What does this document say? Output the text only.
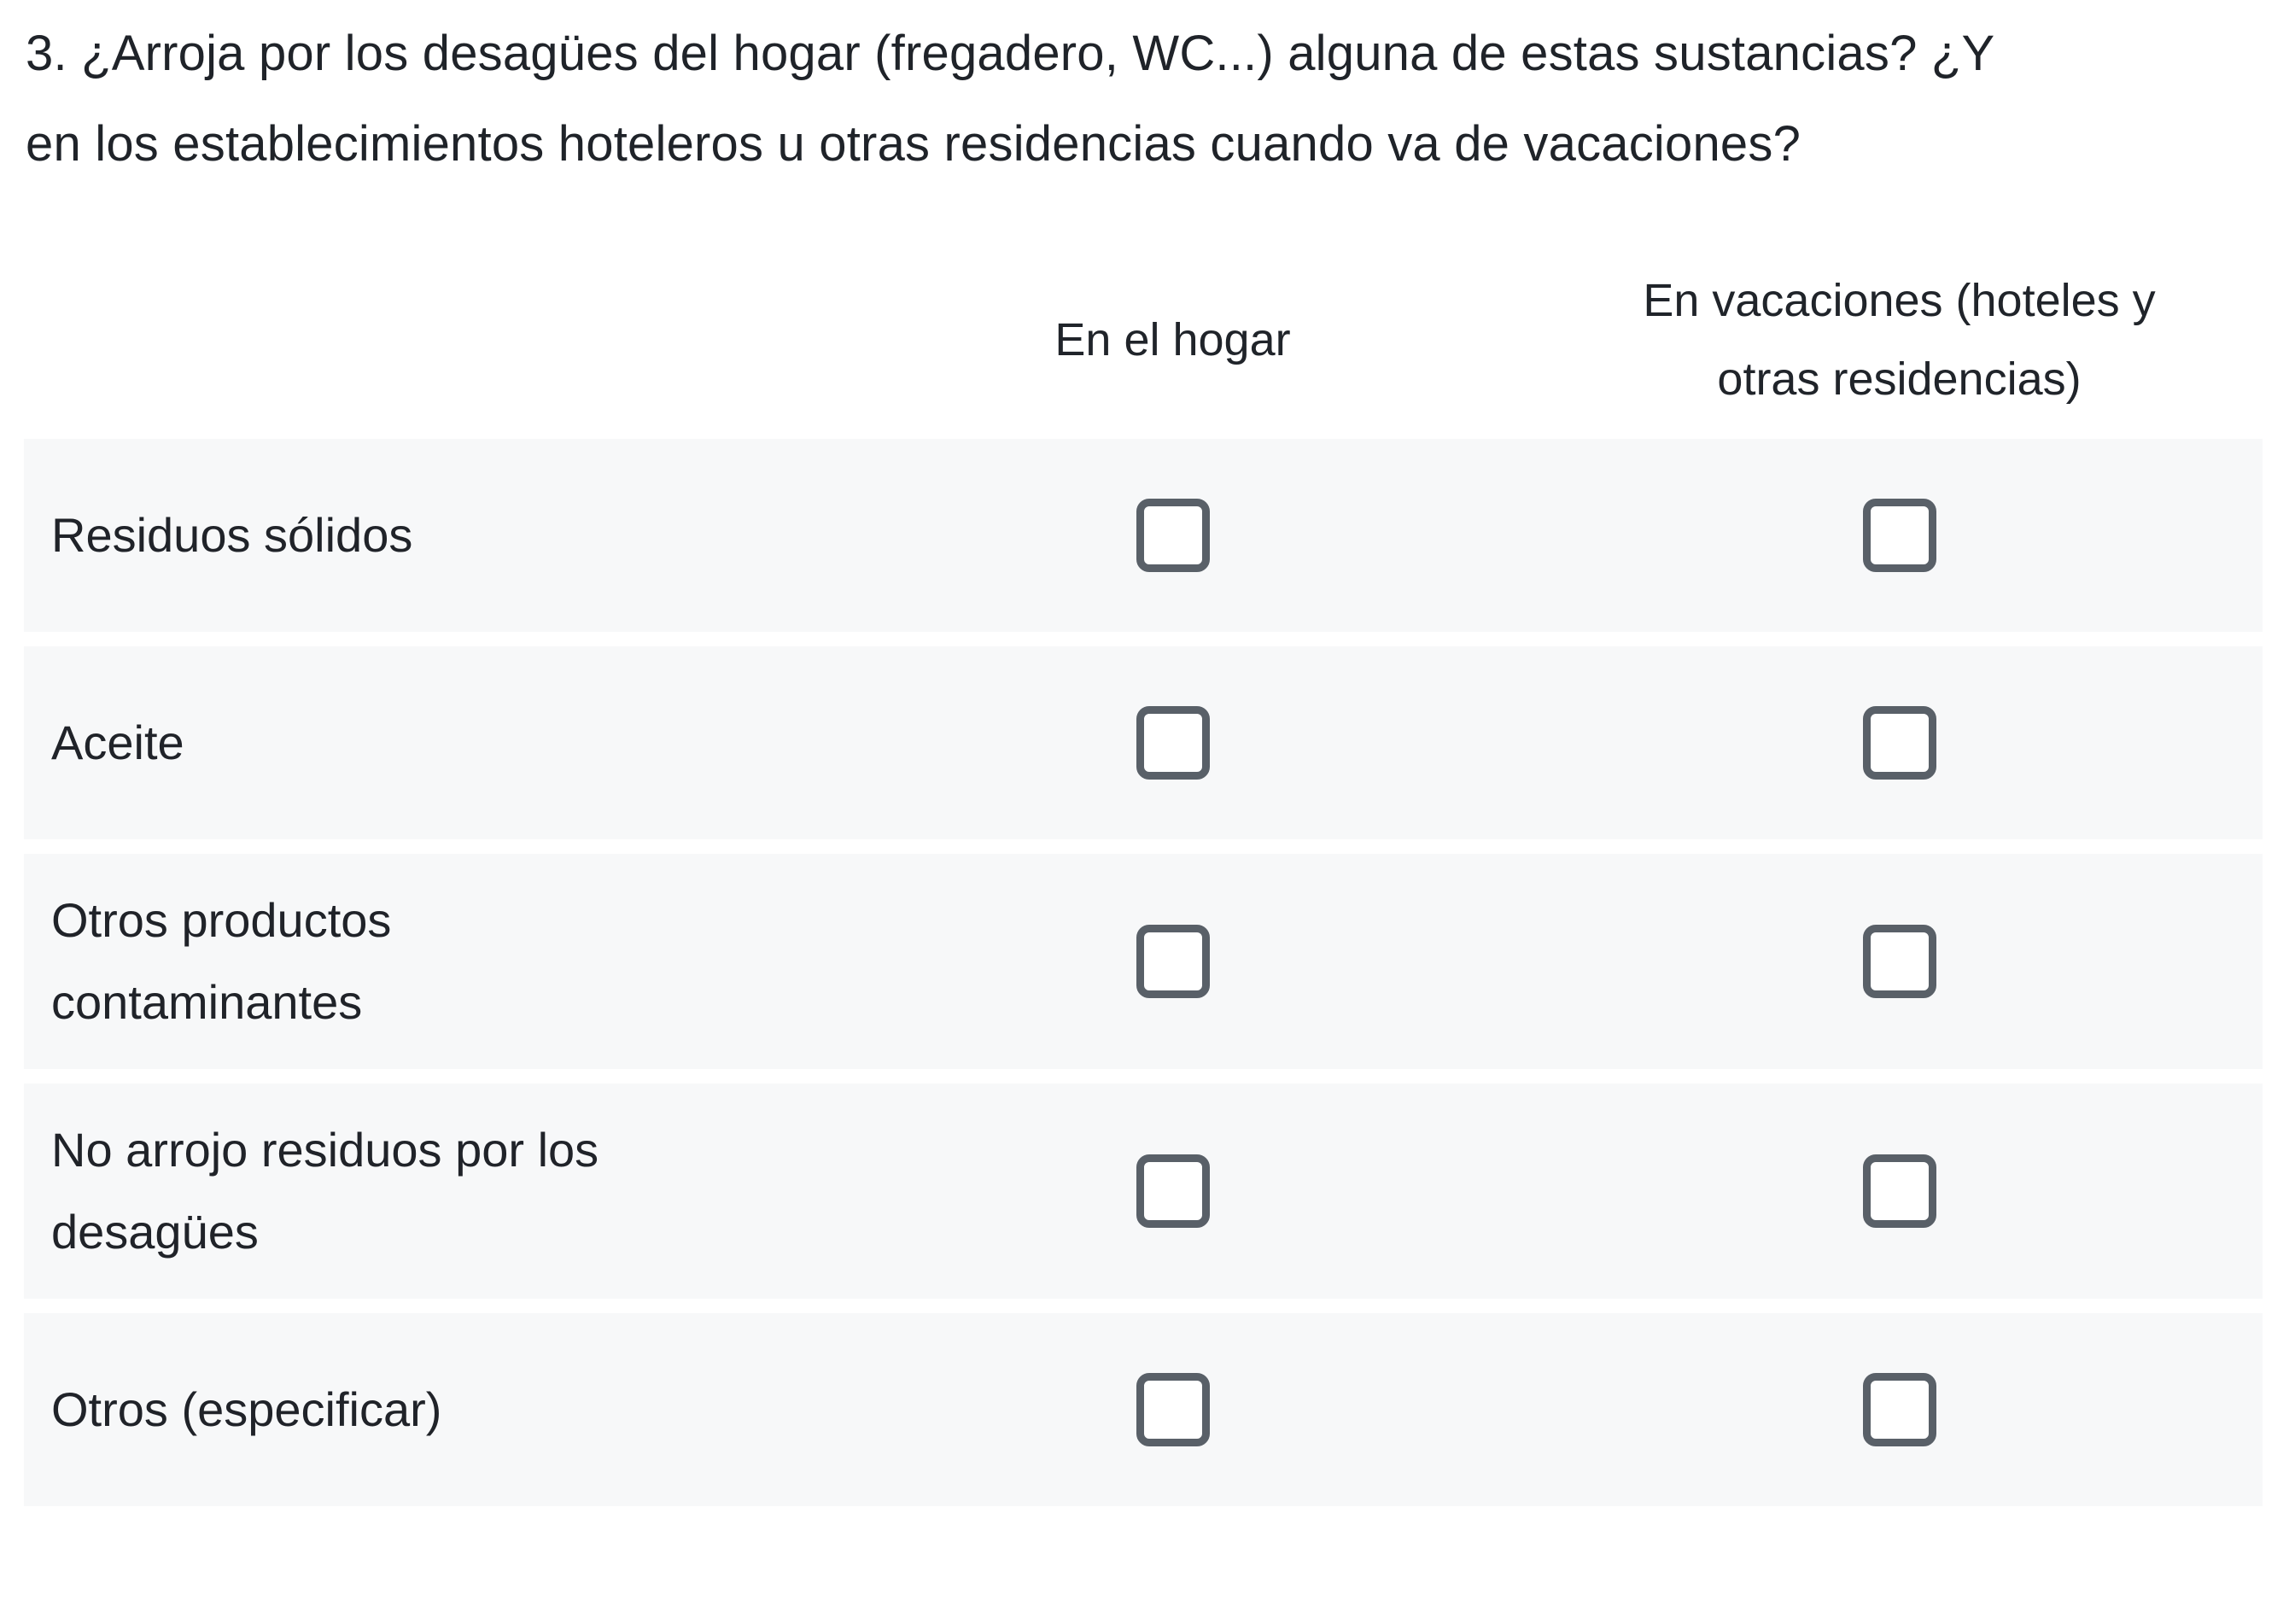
3. ¿Arroja por los desagües del hogar (fregadero, WC...) alguna de estas sustancias? ¿Y en los establecimientos hoteleros u otras residencias cuando va de vacaciones?
En el hogar
En vacaciones (hoteles y otras residencias)
Residuos sólidos
Aceite
Otros productos contaminantes
No arrojo residuos por los desagües
Otros (especificar)
